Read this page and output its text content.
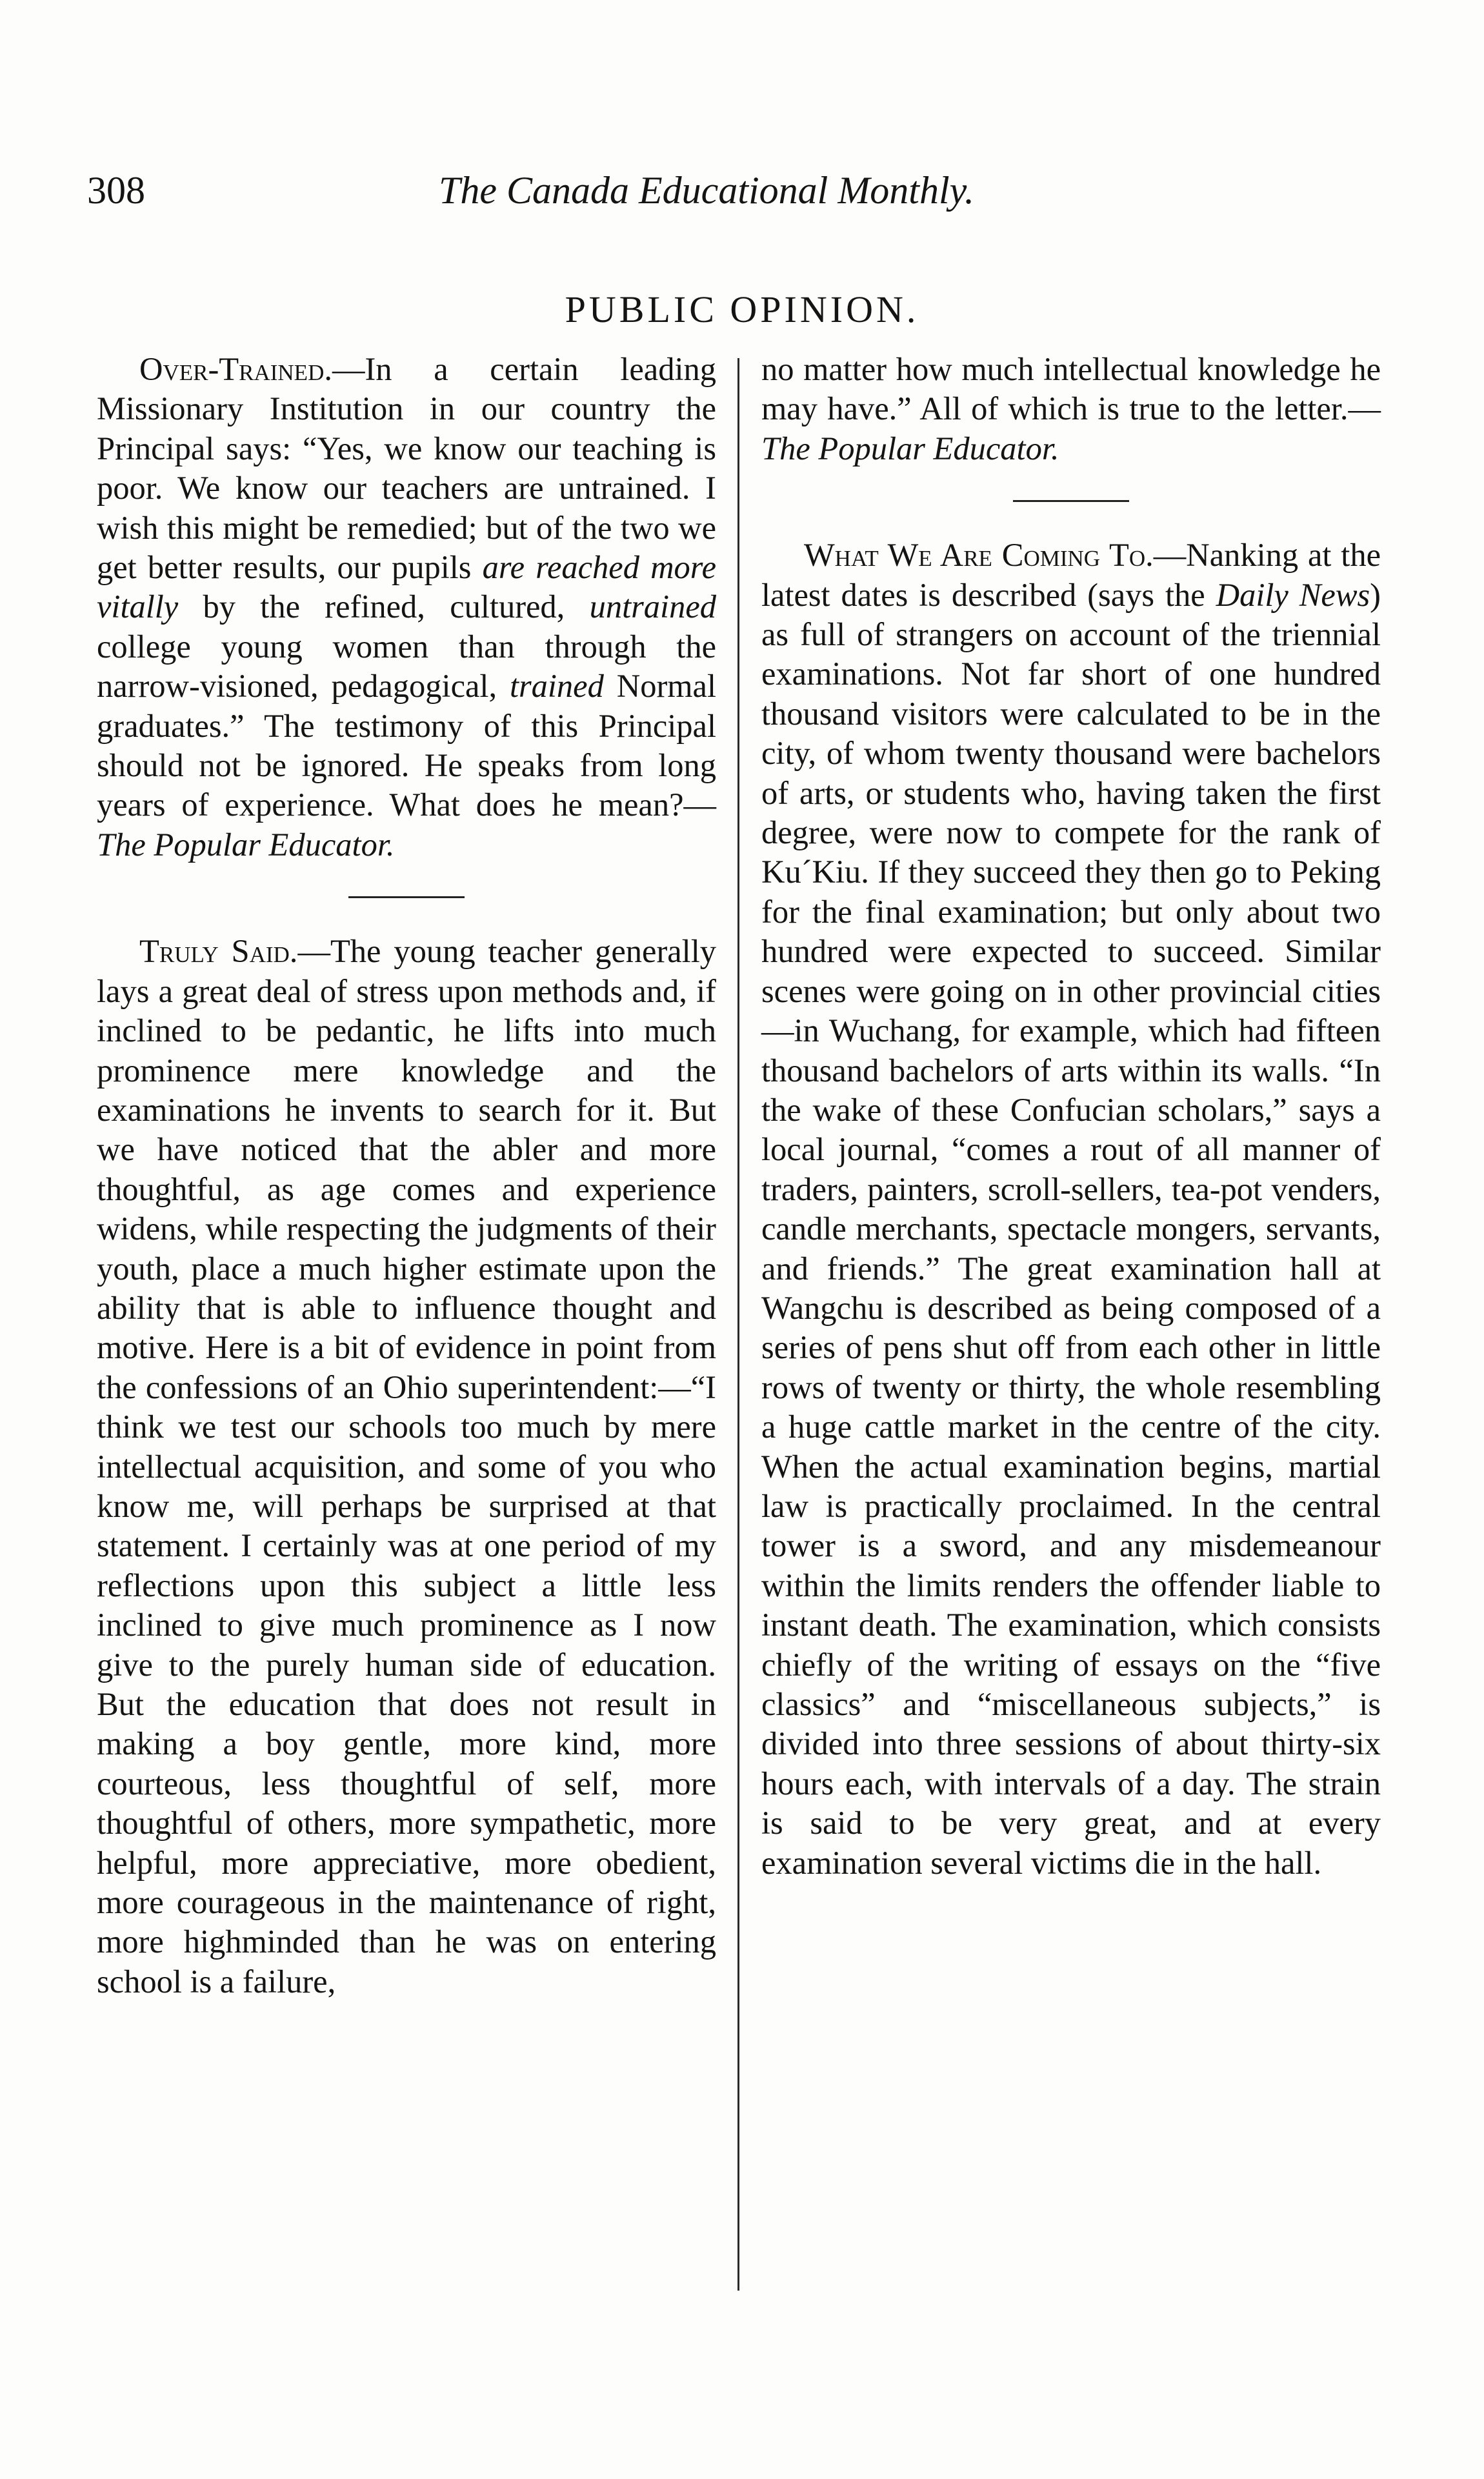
308	The Canada Educational Monthly.
PUBLIC OPINION.

Over-Trained.—In a certain leading Missionary Institution in our country the Principal says: “Yes, we know our teaching is poor. We know our teachers are untrained. I wish this might be remedied; but of the two we get better results, our pupils are reached more vitally by the refined, cultured, untrained college young women than through the narrow-visioned, pedagogical, trained Normal graduates.” The testimony of this Principal should not be ignored. He speaks from long years of experience. What does he mean?—The Popular Educator.

Truly Said.—The young teacher generally lays a great deal of stress upon methods and, if inclined to be pedantic, he lifts into much prominence mere knowledge and the examinations he invents to search for it. But we have noticed that the abler and more thoughtful, as age comes and experience widens, while respecting the judgments of their youth, place a much higher estimate upon the ability that is able to influence thought and motive. Here is a bit of evidence in point from the confessions of an Ohio superintendent:—“I think we test our schools too much by mere intellectual acquisition, and some of you who know me, will perhaps be surprised at that statement. I certainly was at one period of my reflections upon this subject a little less inclined to give much prominence as I now give to the purely human side of education. But the education that does not result in making a boy gentle, more kind, more courteous, less thoughtful of self, more thoughtful of others, more sympathetic, more helpful, more appreciative, more obedient, more courageous in the maintenance of right, more highminded than he was on entering school is a failure,

no matter how much intellectual knowledge he may have.” All of which is true to the letter.—The Popular Educator.

What We Are Coming To.—Nanking at the latest dates is described (says the Daily News) as full of strangers on account of the triennial examinations. Not far short of one hundred thousand visitors were calculated to be in the city, of whom twenty thousand were bachelors of arts, or students who, having taken the first degree, were now to compete for the rank of Ku´Kiu. If they succeed they then go to Peking for the final examination; but only about two hundred were expected to succeed. Similar scenes were going on in other provincial cities—in Wuchang, for example, which had fifteen thousand bachelors of arts within its walls. “In the wake of these Confucian scholars,” says a local journal, “comes a rout of all manner of traders, painters, scroll-sellers, tea-pot venders, candle merchants, spectacle mongers, servants, and friends.” The great examination hall at Wangchu is described as being composed of a series of pens shut off from each other in little rows of twenty or thirty, the whole resembling a huge cattle market in the centre of the city. When the actual examination begins, martial law is practically proclaimed. In the central tower is a sword, and any misdemeanour within the limits renders the offender liable to instant death. The examination, which consists chiefly of the writing of essays on the “five classics” and “miscellaneous subjects,” is divided into three sessions of about thirty-six hours each, with intervals of a day. The strain is said to be very great, and at every examination several victims die in the hall.
